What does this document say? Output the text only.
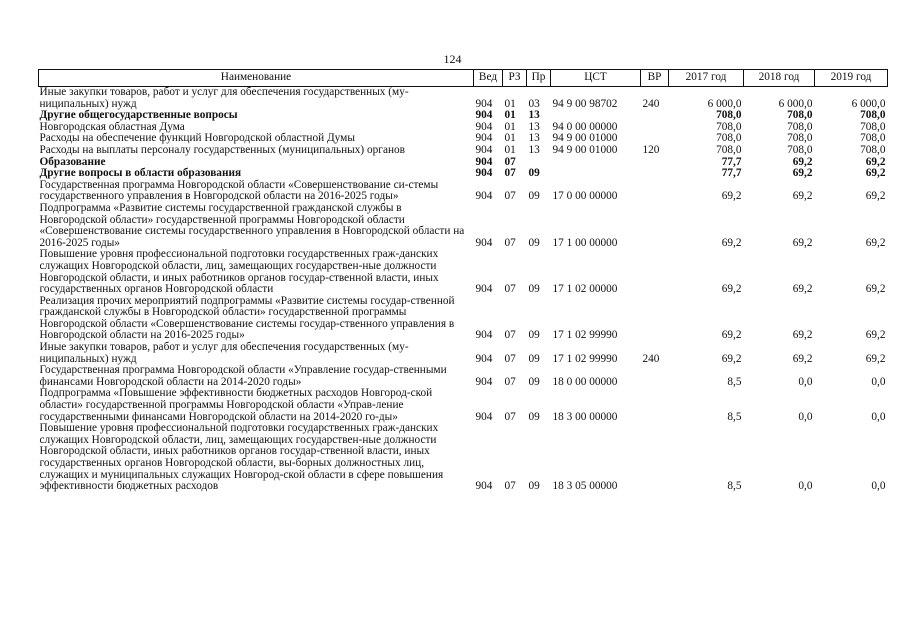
124
Наименование	Вед	РЗ	Пр	ЦСТ	ВР	2017 год	2018 год	2019 год
Иные закупки товаров, работ и услуг для обеспечения государственных (му-ниципальных) нужд	904	01	03	94 9 00 98702	240	6 000,0	6 000,0	6 000,0
Другие общегосударственные вопросы	904	01	13			708,0	708,0	708,0
Новгородская областная Дума	904	01	13	94 0 00 00000		708,0	708,0	708,0
Расходы на обеспечение функций Новгородской областной Думы	904	01	13	94 9 00 01000		708,0	708,0	708,0
Расходы на выплаты персоналу государственных (муниципальных) органов	904	01	13	94 9 00 01000	120	708,0	708,0	708,0
Образование	904	07				77,7	69,2	69,2
Другие вопросы в области образования	904	07	09			77,7	69,2	69,2
Государственная программа Новгородской области «Совершенствование си-стемы государственного управления в Новгородской области на 2016-2025 годы»	904	07	09	17 0 00 00000		69,2	69,2	69,2
Подпрограмма «Развитие системы государственной гражданской службы в Новгородской области» государственной программы Новгородской области «Совершенствование системы государственного управления в Новгородской области на 2016-2025 годы»	904	07	09	17 1 00 00000		69,2	69,2	69,2
Повышение уровня профессиональной подготовки государственных граж-данских служащих Новгородской области, лиц, замещающих государствен-ные должности Новгородской области, и иных работников органов государ-ственной власти, иных государственных органов Новгородской области	904	07	09	17 1 02 00000		69,2	69,2	69,2
Реализация прочих мероприятий подпрограммы «Развитие системы государ-ственной гражданской службы в Новгородской области» государственной программы Новгородской области «Совершенствование системы государ-ственного управления в Новгородской области на 2016-2025 годы»	904	07	09	17 1 02 99990		69,2	69,2	69,2
Иные закупки товаров, работ и услуг для обеспечения государственных (му-ниципальных) нужд	904	07	09	17 1 02 99990	240	69,2	69,2	69,2
Государственная программа Новгородской области «Управление государ-ственными финансами Новгородской области на 2014-2020 годы»	904	07	09	18 0 00 00000		8,5	0,0	0,0
Подпрограмма «Повышение эффективности бюджетных расходов Новгород-ской области» государственной программы Новгородской области «Управ-ление государственными финансами Новгородской области на 2014-2020 го-ды»	904	07	09	18 3 00 00000		8,5	0,0	0,0
Повышение уровня профессиональной подготовки государственных граж-данских служащих Новгородской области, лиц, замещающих государствен-ные должности Новгородской области, иных работников органов государ-ственной власти, иных государственных органов Новгородской области, вы-борных должностных лиц, служащих и муниципальных служащих Новгород-ской области в сфере повышения эффективности бюджетных расходов	904	07	09	18 3 05 00000		8,5	0,0	0,0
